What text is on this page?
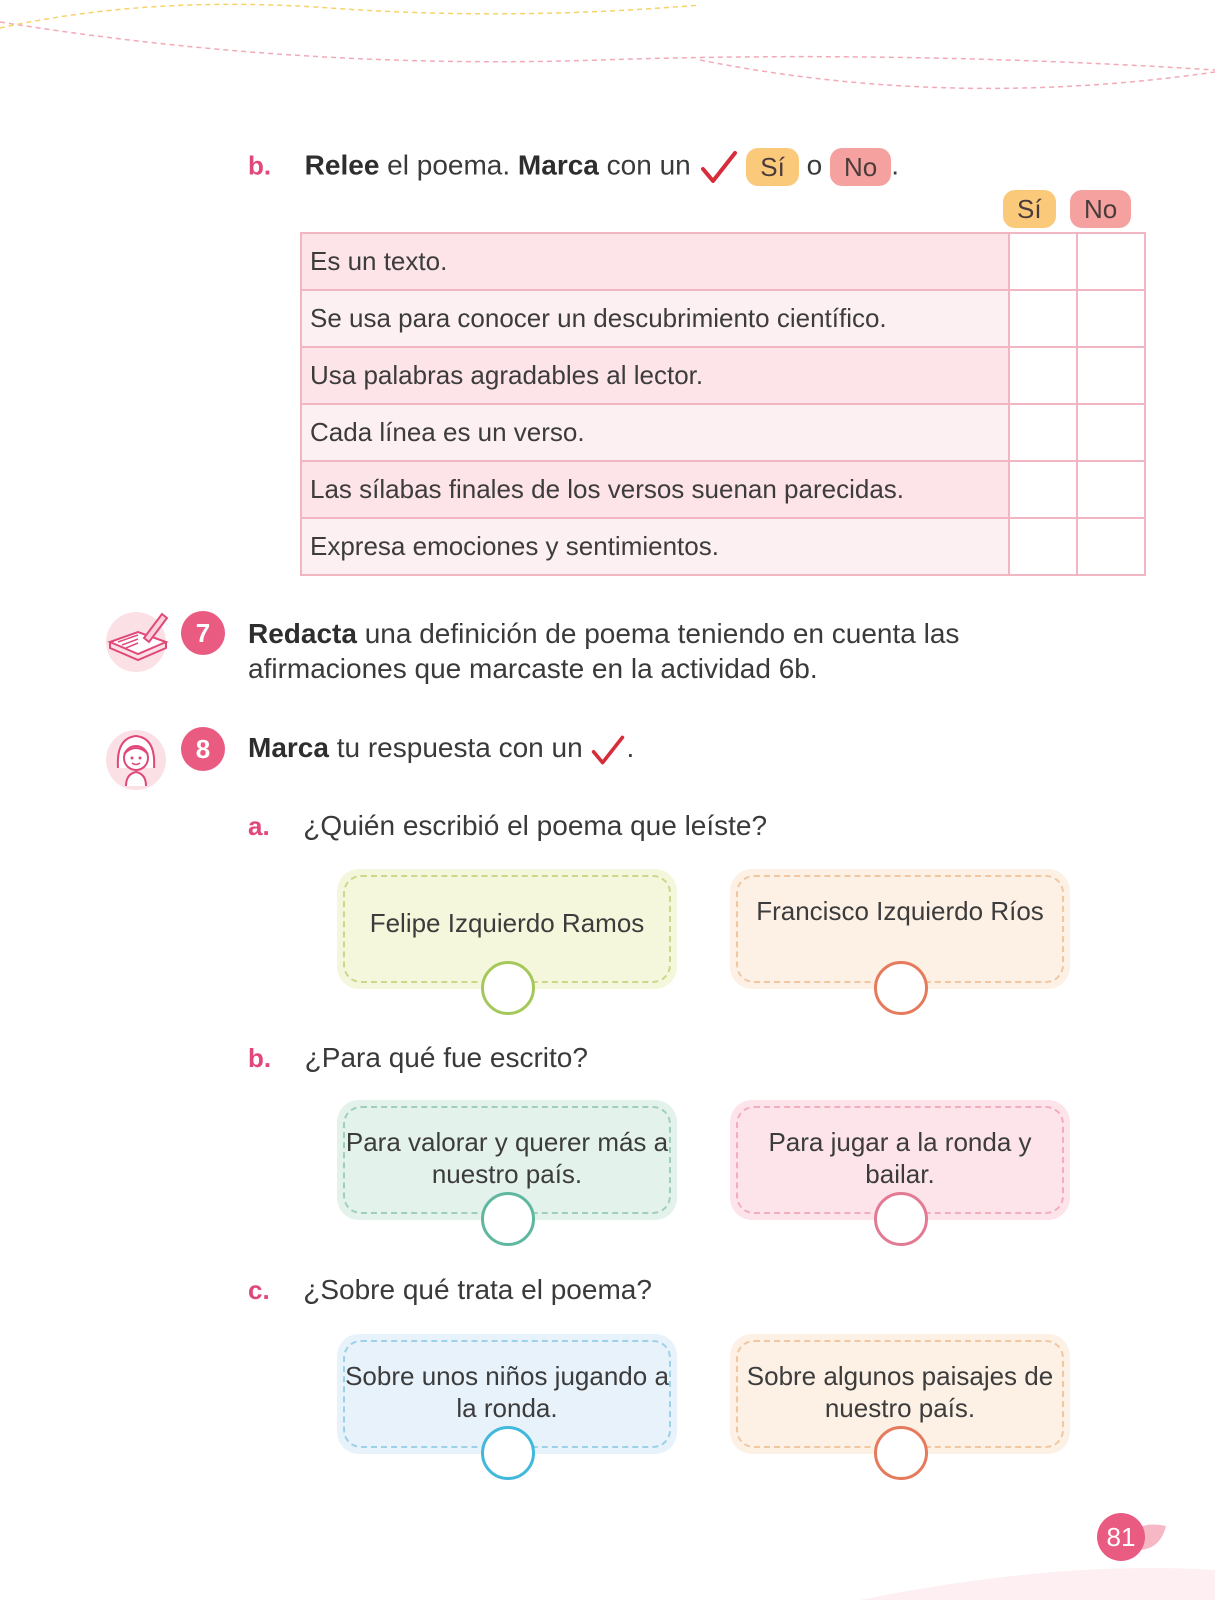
b. Relee el poema. Marca con un	Sí o No .
Sí	No
Es un texto.		
Se usa para conocer un descubrimiento científico.		
Usa palabras agradables al lector.		
Cada línea es un verso.		
Las sílabas finales de los versos suenan parecidas.		
Expresa emociones y sentimientos.		
7	Redacta una definición de poema teniendo en cuenta las
afirmaciones que marcaste en la actividad 6b.
8	Marca tu respuesta con un .
a. ¿Quién escribió el poema que leíste?
Felipe Izquierdo Ramos	Francisco Izquierdo Ríos
b. ¿Para qué fue escrito?
Para valorar y querer más a nuestro país.
Para jugar a la ronda y bailar.
c. ¿Sobre qué trata el poema?
Sobre unos niños jugando a la ronda.
Sobre algunos paisajes de nuestro país.
81
